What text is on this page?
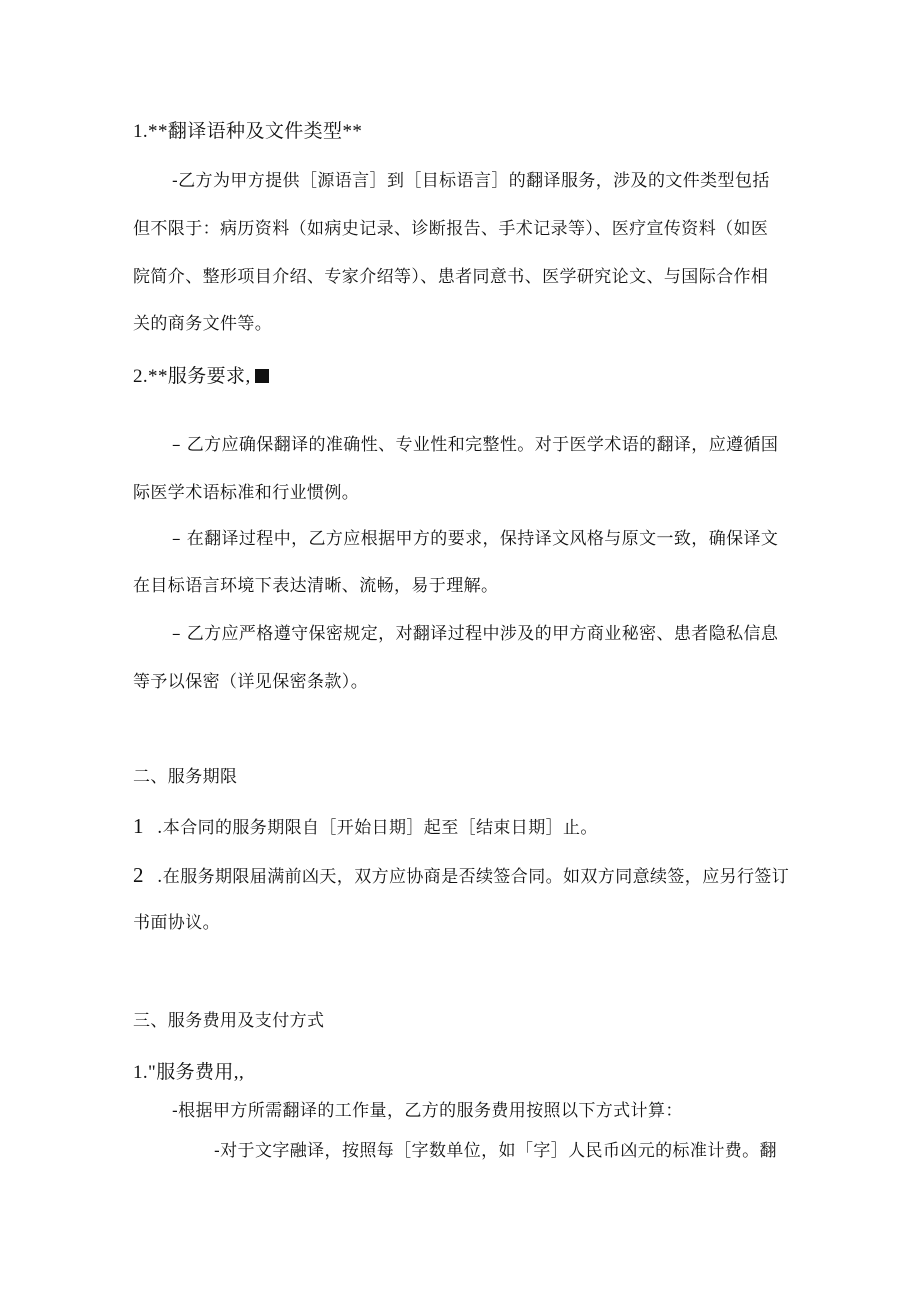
1.**翻译语种及文件类型**
-乙方为甲方提供［源语言］到［目标语言］的翻译服务，涉及的文件类型包括
但不限于：病历资料（如病史记录、诊断报告、手术记录等）、医疗宣传资料（如医
院简介、整形项目介绍、专家介绍等）、患者同意书、医学研究论文、与国际合作相
关的商务文件等。
2.**服务要求,
– 乙方应确保翻译的准确性、专业性和完整性。对于医学术语的翻译，应遵循国
际医学术语标准和行业惯例。
– 在翻译过程中，乙方应根据甲方的要求，保持译文风格与原文一致，确保译文
在目标语言环境下表达清晰、流畅，易于理解。
– 乙方应严格遵守保密规定，对翻译过程中涉及的甲方商业秘密、患者隐私信息
等予以保密（详见保密条款）。
二、服务期限
1 .本合同的服务期限自［开始日期］起至［结束日期］止。
2 .在服务期限届满前凶天，双方应协商是否续签合同。如双方同意续签，应另行签订
书面协议。
三、服务费用及支付方式
1."服务费用,,
-根据甲方所需翻译的工作量，乙方的服务费用按照以下方式计算：
-对于文字融译，按照每［字数单位，如「字］人民币凶元的标准计费。翻
